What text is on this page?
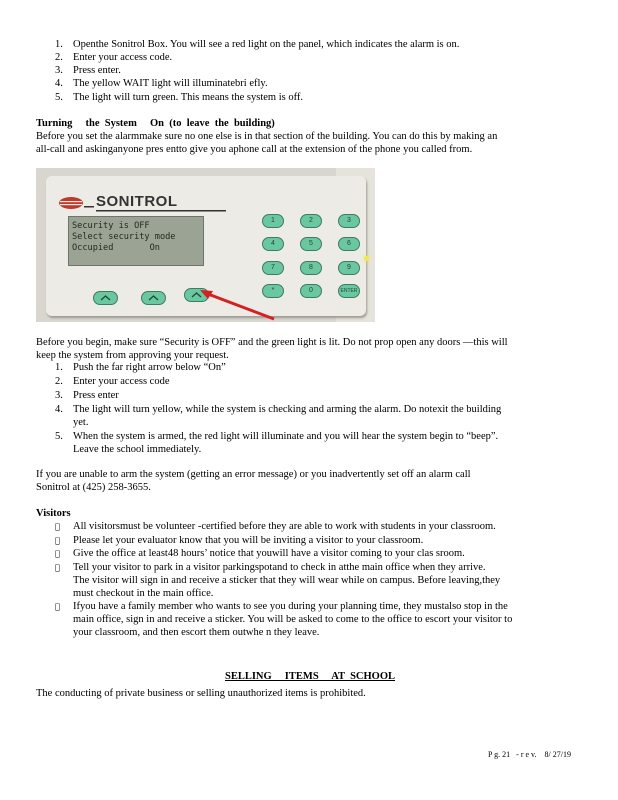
1. Openthe Sonitrol Box. You will see a red light on the panel, which indicates the alarm is on.
2. Enter your access code.
3. Press enter.
4. The yellow WAIT light will illuminatebri efly.
5. The light will turn green. This means the system is off.
Turning     the  System     On  (to  leave  the  building)
Before you set the alarmmake sure no one else is in that section of the building. You can do this by making an
all-call and askinganyone pres entto give you aphone call at the extension of the phone you called from.
SONITROL
Security is OFF
Select security mode
Occupied       On
1	2	3
4	5	6
7	8	9
*	0	ENTER
Before you begin, make sure “Security is OFF” and the green light is lit. Do not prop open any doors —this will
keep the system from approving your request.
1. Push the far right arrow below “On”
2. Enter your access code
3. Press enter
4. The light will turn yellow, while the system is checking and arming the alarm. Do notexit the building
yet.
5. When the system is armed, the red light will illuminate and you will hear the system begin to “beep”.
Leave the school immediately.
If you are unable to arm the system (getting an error message) or you inadvertently set off an alarm call
Sonitrol at (425) 258-3655.
Visitors
All visitorsmust be volunteer -certified before they are able to work with students in your classroom.
Please let your evaluator know that you will be inviting a visitor to your classroom.
Give the office at least48 hours’ notice that youwill have a visitor coming to your clas sroom.
Tell your visitor to park in a visitor parkingspotand to check in atthe main office when they arrive.
The visitor will sign in and receive a sticker that they will wear while on campus. Before leaving,they
must checkout in the main office.
Ifyou have a family member who wants to see you during your planning time, they mustalso stop in the
main office, sign in and receive a sticker. You will be asked to come to the office to escort your visitor to
your classroom, and then escort them outwhe n they leave.
SELLING     ITEMS     AT  SCHOOL
The conducting of private business or selling unauthorized items is prohibited.
P g. 21   - r e v.    8/ 27/19
